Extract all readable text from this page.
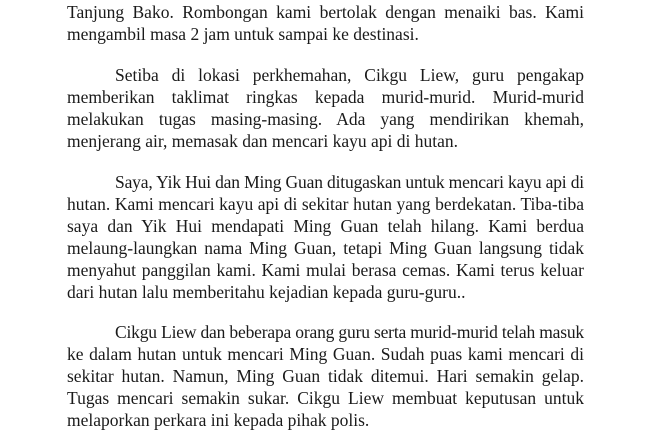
Tanjung Bako. Rombongan kami bertolak dengan menaiki bas. Kami
mengambil masa 2 jam untuk sampai ke destinasi.
Setiba di lokasi perkhemahan, Cikgu Liew, guru pengakap
memberikan taklimat ringkas kepada murid-murid. Murid-murid
melakukan tugas masing-masing. Ada yang mendirikan khemah,
menjerang air, memasak dan mencari kayu api di hutan.
Saya, Yik Hui dan Ming Guan ditugaskan untuk mencari kayu api di
hutan. Kami mencari kayu api di sekitar hutan yang berdekatan. Tiba-tiba
saya dan Yik Hui mendapati Ming Guan telah hilang. Kami berdua
melaung-laungkan nama Ming Guan, tetapi Ming Guan langsung tidak
menyahut panggilan kami. Kami mulai berasa cemas. Kami terus keluar
dari hutan lalu memberitahu kejadian kepada guru-guru..
Cikgu Liew dan beberapa orang guru serta murid-murid telah masuk
ke dalam hutan untuk mencari Ming Guan. Sudah puas kami mencari di
sekitar hutan. Namun, Ming Guan tidak ditemui. Hari semakin gelap.
Tugas mencari semakin sukar. Cikgu Liew membuat keputusan untuk
melaporkan perkara ini kepada pihak polis.
